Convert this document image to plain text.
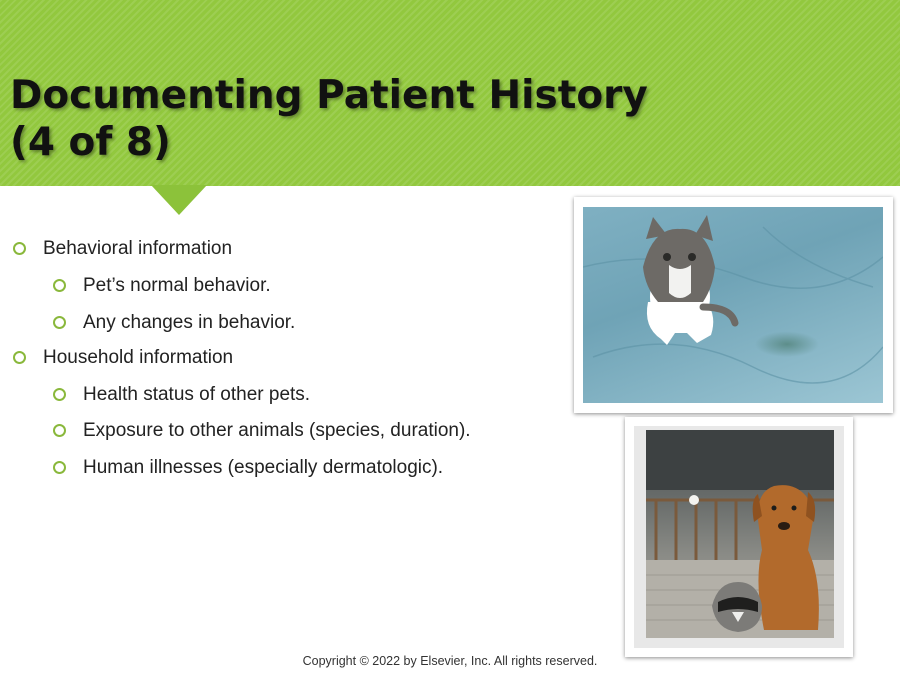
Documenting Patient History
(4 of 8)
Behavioral information
Pet’s normal behavior.
Any changes in behavior.
Household information
Health status of other pets.
Exposure to other animals (species, duration).
Human illnesses (especially dermatologic).
Copyright © 2022 by Elsevier, Inc. All rights reserved.
